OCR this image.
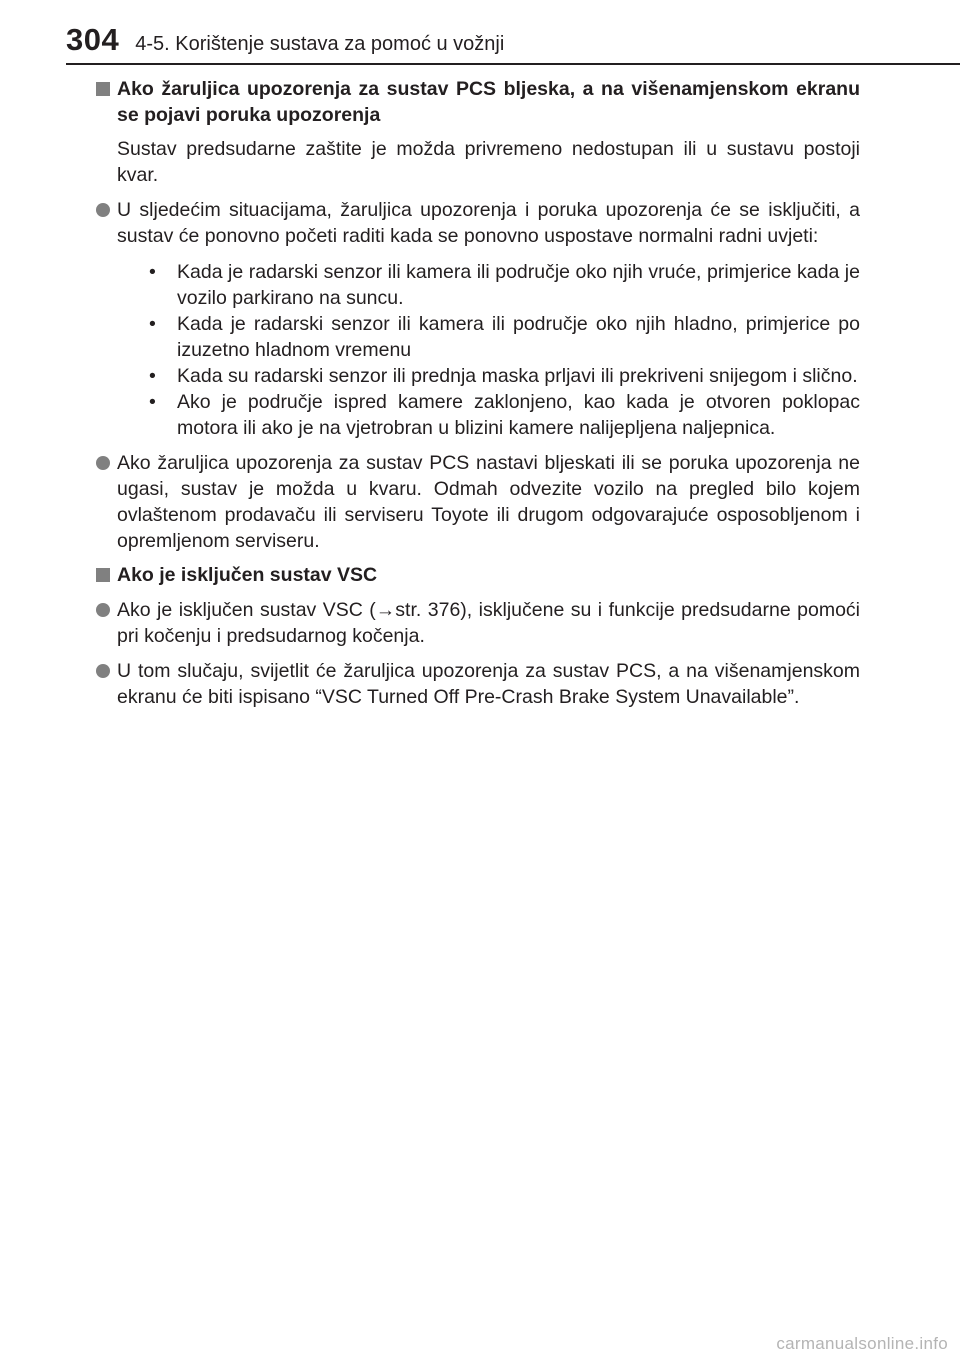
304 4-5. Korištenje sustava za pomoć u vožnji
Ako žaruljica upozorenja za sustav PCS bljeska, a na višenamjenskom ekranu se pojavi poruka upozorenja
Sustav predsudarne zaštite je možda privremeno nedostupan ili u sustavu postoji kvar.
U sljedećim situacijama, žaruljica upozorenja i poruka upozorenja će se isključiti, a sustav će ponovno početi raditi kada se ponovno uspostave normalni radni uvjeti:
•	Kada je radarski senzor ili kamera ili područje oko njih vruće, primjerice kada je vozilo parkirano na suncu.
•	Kada je radarski senzor ili kamera ili područje oko njih hladno, primjerice po izuzetno hladnom vremenu
•	Kada su radarski senzor ili prednja maska prljavi ili prekriveni snijegom i slično.
•	Ako je područje ispred kamere zaklonjeno, kao kada je otvoren poklopac motora ili ako je na vjetrobran u blizini kamere nalijepljena naljepnica.
Ako žaruljica upozorenja za sustav PCS nastavi bljeskati ili se poruka upozorenja ne ugasi, sustav je možda u kvaru. Odmah odvezite vozilo na pregled bilo kojem ovlaštenom prodavaču ili serviseru Toyote ili drugom odgovarajuće osposobljenom i opremljenom serviseru.
Ako je isključen sustav VSC
Ako je isključen sustav VSC (→str. 376), isključene su i funkcije predsudarne pomoći pri kočenju i predsudarnog kočenja.
U tom slučaju, svijetlit će žaruljica upozorenja za sustav PCS, a na višenamjenskom ekranu će biti ispisano “VSC Turned Off Pre-Crash Brake System Unavailable”.
carmanualsonline.info
